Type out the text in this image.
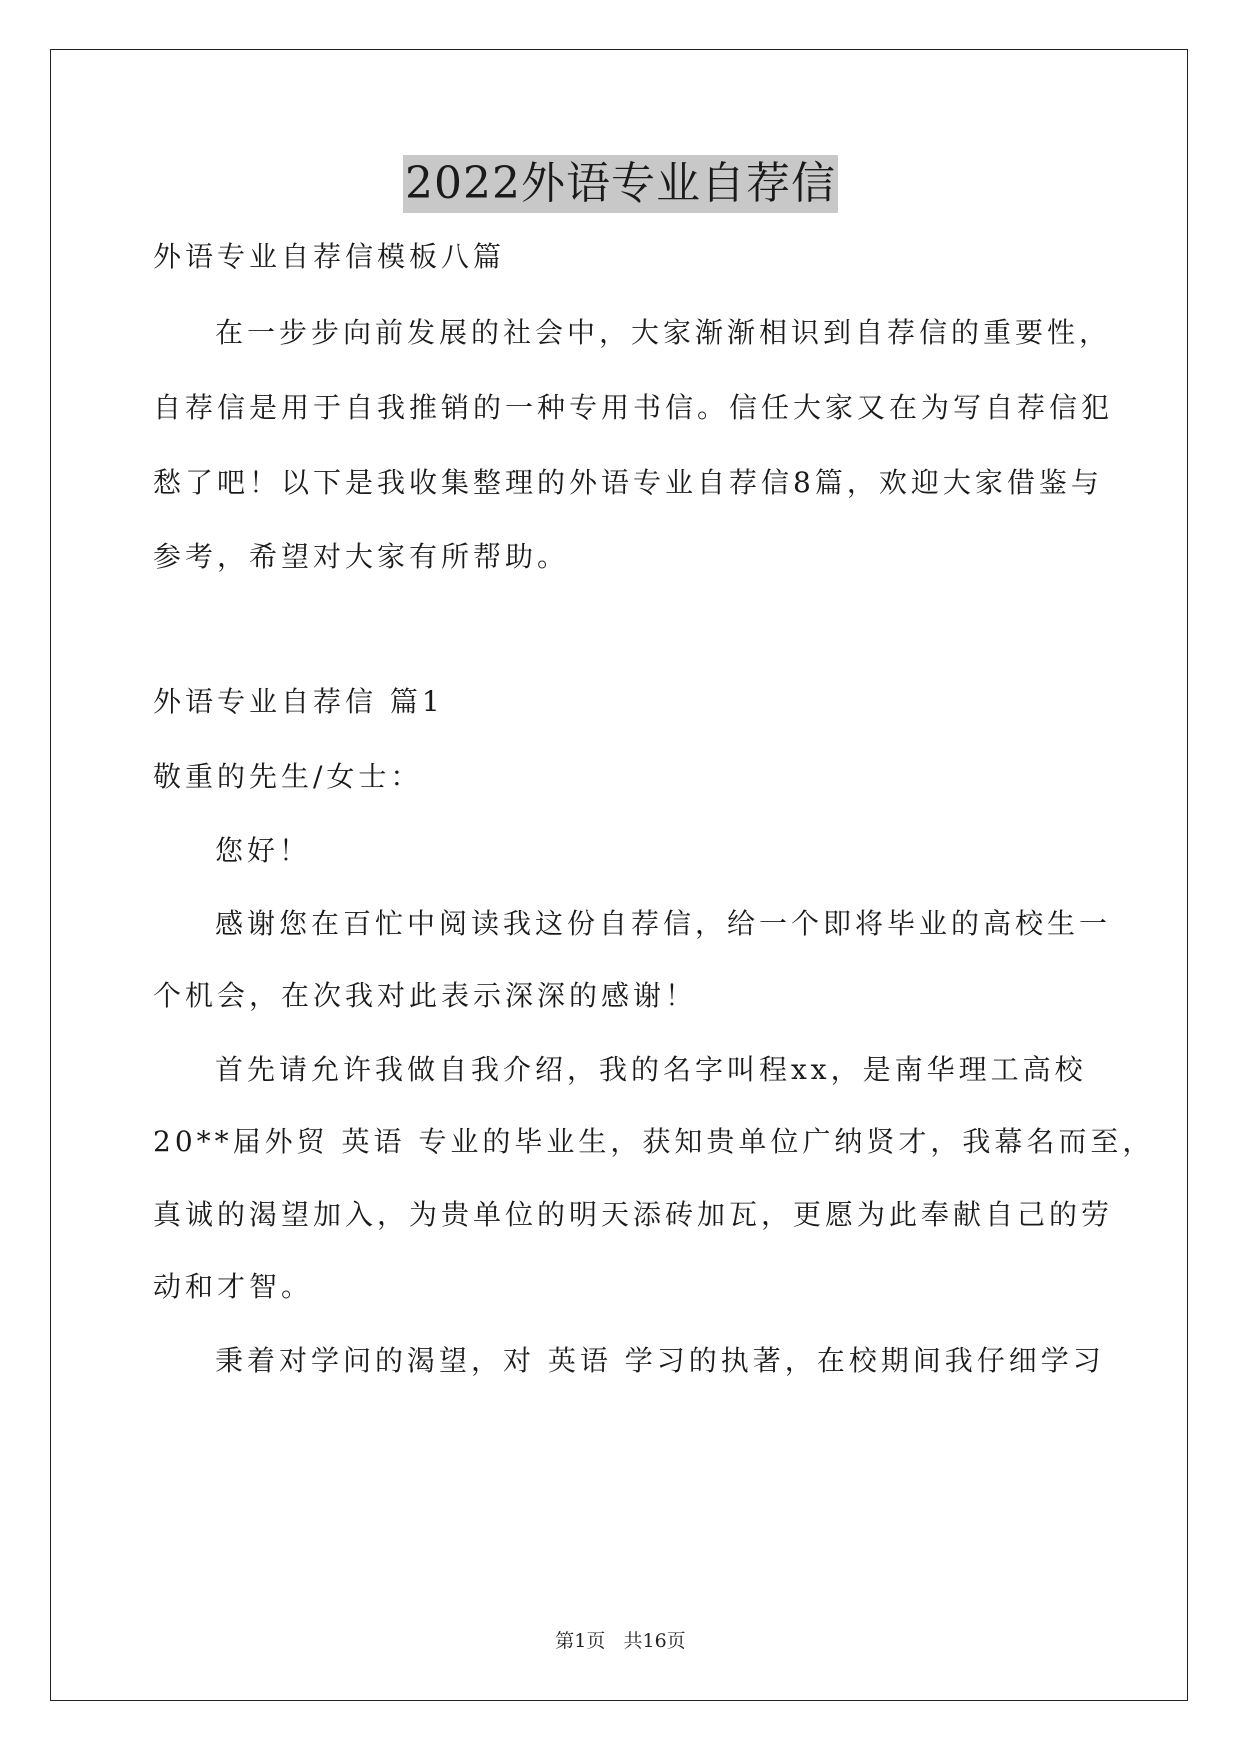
2022外语专业自荐信
外语专业自荐信模板八篇
在一步步向前发展的社会中，大家渐渐相识到自荐信的重要性，
自荐信是用于自我推销的一种专用书信。信任大家又在为写自荐信犯
愁了吧！以下是我收集整理的外语专业自荐信8篇，欢迎大家借鉴与
参考，希望对大家有所帮助。
外语专业自荐信 篇1
敬重的先生/女士：
您好！
感谢您在百忙中阅读我这份自荐信，给一个即将毕业的高校生一
个机会，在次我对此表示深深的感谢！
首先请允许我做自我介绍，我的名字叫程xx，是南华理工高校
20**届外贸 英语 专业的毕业生，获知贵单位广纳贤才，我幕名而至，
真诚的渴望加入，为贵单位的明天添砖加瓦，更愿为此奉献自己的劳
动和才智。
秉着对学问的渴望，对 英语 学习的执著，在校期间我仔细学习
第1页   共16页
